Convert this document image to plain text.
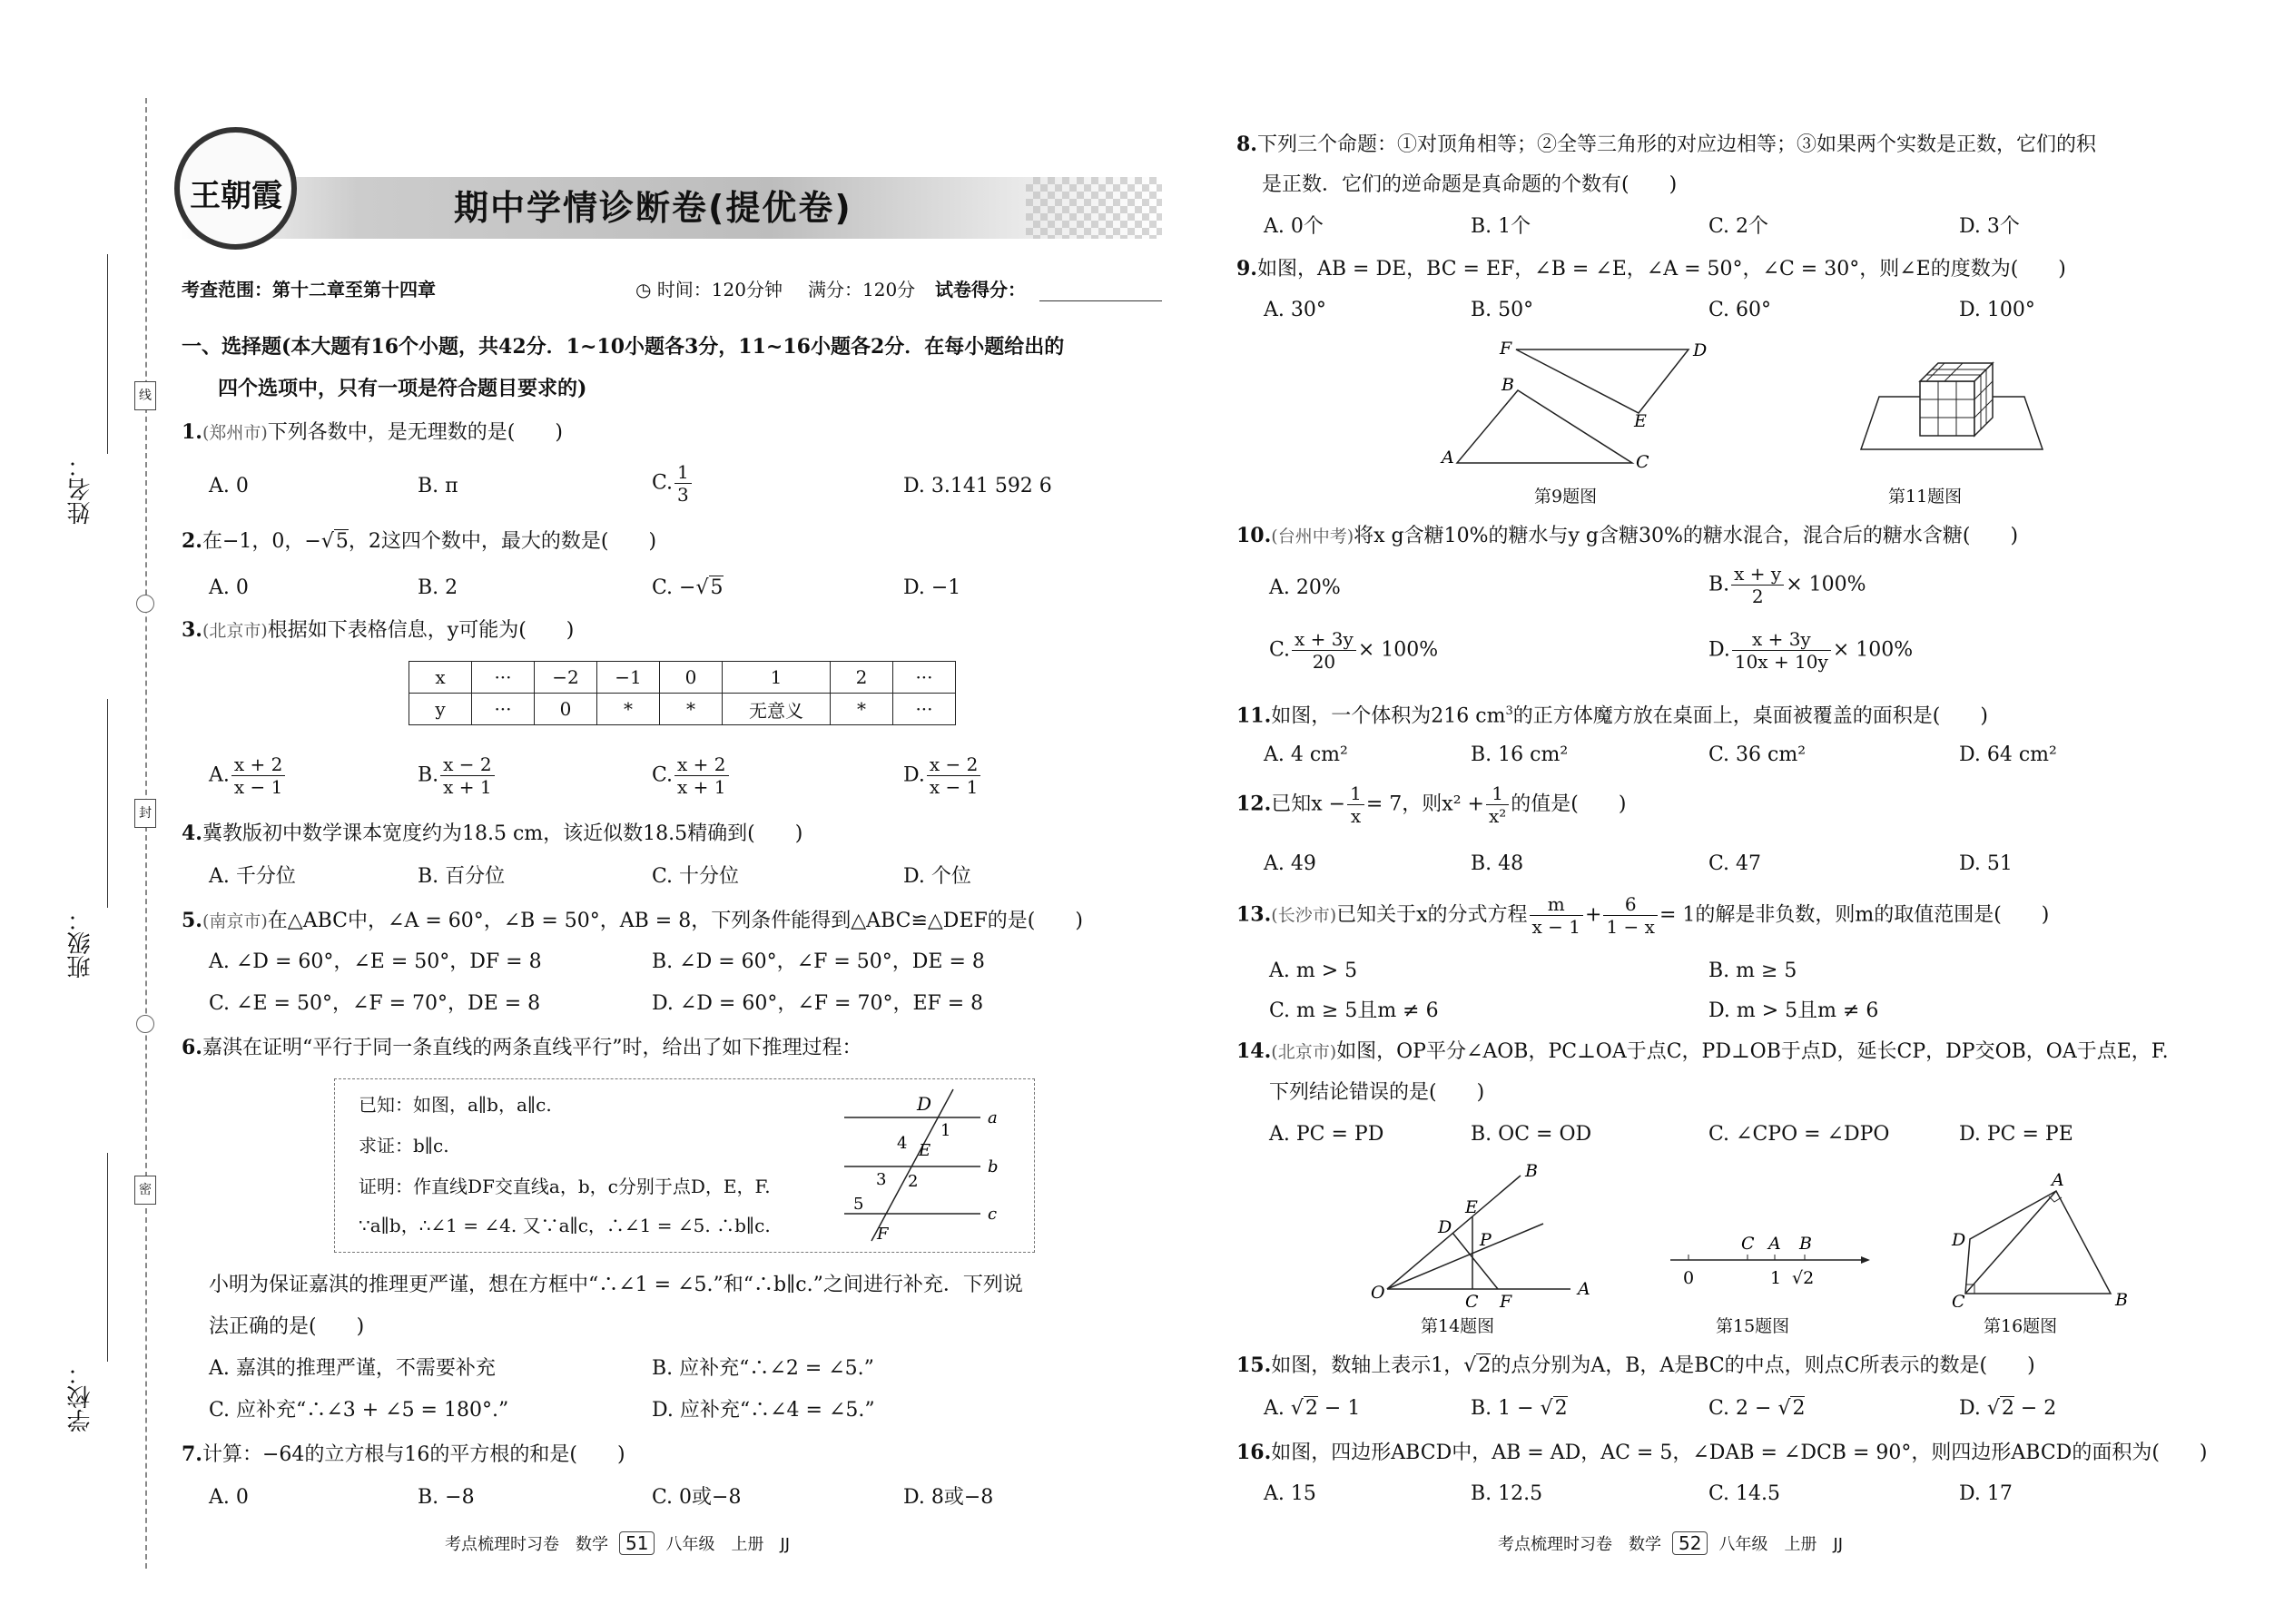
姓名：
班级：
学校：
线
封
密
王朝霞	期中学情诊断卷(提优卷)
考查范围：第十二章至第十四章	◷ 时间：120分钟 满分：120分 试卷得分：
一、选择题(本大题有16个小题，共42分．1~10小题各3分，11~16小题各2分．在每小题给出的
四个选项中，只有一项是符合题目要求的)
1.(郑州市)下列各数中，是无理数的是(　　)
A. 0	B. π	C. $\frac{1}{3}$	D. 3.141 592 6
2.在−1，0，−√5，2这四个数中，最大的数是(　　)
A. 0	B. 2	C. −√5	D. −1
3.(北京市)根据如下表格信息，y可能为(　　)
x	···	−2	−1	0	1	2	···
y	···	0	*	*	无意义	*	···
A. $\frac{x + 2}{x - 1}$	B. $\frac{x - 2}{x + 1}$	C. $\frac{x + 2}{x + 1}$	D. $\frac{x - 2}{x - 1}$
4.冀教版初中数学课本宽度约为18.5 cm，该近似数18.5精确到(　　)
A. 千分位	B. 百分位	C. 十分位	D. 个位
5.(南京市)在△ABC中，∠A = 60°，∠B = 50°，AB = 8，下列条件能得到△ABC≌△DEF的是(　　)
A. ∠D = 60°，∠E = 50°，DF = 8	B. ∠D = 60°，∠F = 50°，DE = 8
C. ∠E = 50°，∠F = 70°，DE = 8	D. ∠D = 60°，∠F = 70°，EF = 8
6.嘉淇在证明“平行于同一条直线的两条直线平行”时，给出了如下推理过程：
已知：如图，a∥b，a∥c.
求证：b∥c.
证明：作直线DF交直线a，b，c分别于点D，E，F.
∵a∥b，∴∠1 = ∠4. 又∵a∥c，∴∠1 = ∠5. ∴b∥c.
D
E
F
a
b
c
1
2
3
4
5
小明为保证嘉淇的推理更严谨，想在方框中“∴∠1 = ∠5.”和“∴b∥c.”之间进行补充．下列说
法正确的是(　　)
A. 嘉淇的推理严谨，不需要补充	B. 应补充“∴∠2 = ∠5.”
C. 应补充“∴∠3 + ∠5 = 180°.”	D. 应补充“∴∠4 = ∠5.”
7.计算：−64的立方根与16的平方根的和是(　　)
A. 0	B. −8	C. 0或−8	D. 8或−8
考点梳理时习卷　 数学 51 八年级　 上册　 JJ
8.下列三个命题：①对顶角相等；②全等三角形的对应边相等；③如果两个实数是正数，它们的积
是正数．它们的逆命题是真命题的个数有(　　)
A. 0个	B. 1个	C. 2个	D. 3个
9.如图，AB = DE，BC = EF，∠B = ∠E，∠A = 50°，∠C = 30°，则∠E的度数为(　　)
A. 30°	B. 50°	C. 60°	D. 100°
F	D
E
B
A	C
第9题图	第11题图
10.(台州中考)将x g含糖10%的糖水与y g含糖30%的糖水混合，混合后的糖水含糖(　　)
A. 20%	B. $\frac{x + y}{2} \times 100\%$
C. $\frac{x + 3y}{20} \times 100\%$	D. $\frac{x + 3y}{10x + 10y} \times 100\%$
11.如图，一个体积为216 $cm^3$的正方体魔方放在桌面上，桌面被覆盖的面积是(　　)
A. 4 cm²	B. 16 cm²	C. 36 cm²	D. 64 cm²
12.已知$x - \frac{1}{x} = 7$，则$x^2 + \frac{1}{\text{x²}}$ 的值是(　　)
A. 49	B. 48	C. 47	D. 51
13.(长沙市)已知关于x的分式方程 $\frac{m}{x - 1} + \frac{6}{1 - x} = 1$的解是非负数，则m的取值范围是(　　)
A. m > 5	B. m ≥ 5
C. m ≥ 5且m ≠ 6	D. m > 5且m ≠ 6
14.(北京市)如图，OP平分∠AOB，PC⊥OA于点C，PD⊥OB于点D，延长CP，DP交OB，OA于点E，F.
下列结论错误的是(　　)
A. PC = PD	B. OC = OD	C. ∠CPO = ∠DPO	D. PC = PE
O	A
B
C F
D
E
P
第14题图
0	1 √2
C A B
第15题图
A
B
C
D
第16题图
15.如图，数轴上表示1，√2的点分别为A，B，A是BC的中点，则点C所表示的数是(　　)
A. √2 − 1	B. 1 − √2	C. 2 − √2	D. √2 − 2
16.如图，四边形ABCD中，AB = AD，AC = 5，∠DAB = ∠DCB = 90°，则四边形ABCD的面积为(　　)
A. 15	B. 12.5	C. 14.5	D. 17
考点梳理时习卷　 数学 52 八年级　 上册　 JJ
